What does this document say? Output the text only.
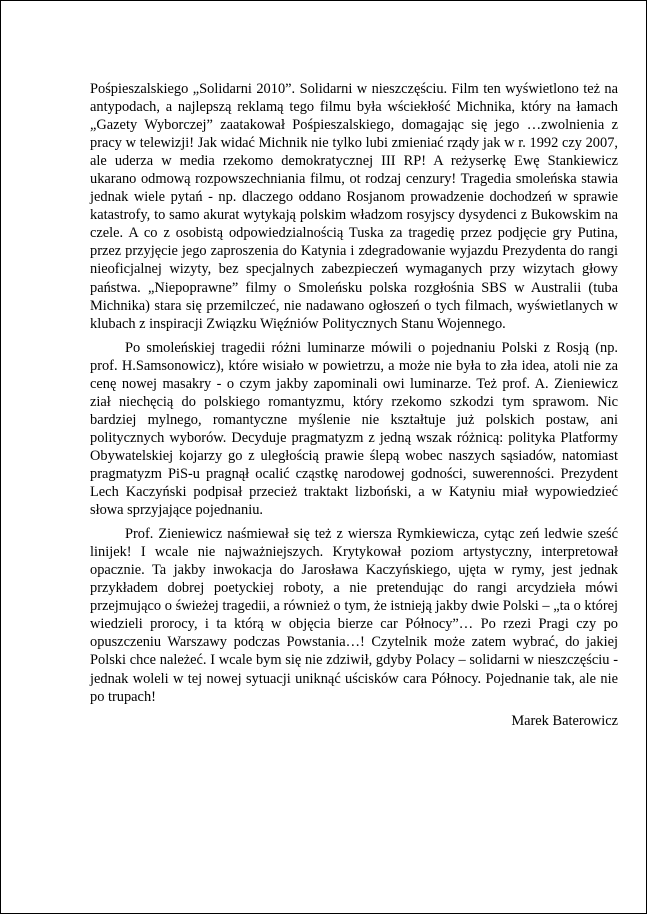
Pośpieszalskiego „Solidarni 2010”. Solidarni w nieszczęściu. Film ten wyświetlono też na antypodach, a najlepszą reklamą tego filmu była wściekłość Michnika, który na łamach „Gazety Wyborczej” zaatakował Pośpieszalskiego, domagając się jego …zwolnienia z pracy w telewizji! Jak widać Michnik nie tylko lubi zmieniać rządy jak w r. 1992 czy 2007, ale uderza w media rzekomo demokratycznej III RP! A reżyserkę Ewę Stankiewicz ukarano odmową rozpowszechniania filmu, ot rodzaj cenzury! Tragedia smoleńska stawia jednak wiele pytań - np. dlaczego oddano Rosjanom prowadzenie dochodzeń w sprawie katastrofy, to samo akurat wytykają polskim władzom rosyjscy dysydenci z Bukowskim na czele. A co z osobistą odpowiedzialnością Tuska za tragedię przez podjęcie gry Putina, przez przyjęcie jego zaproszenia do Katynia i zdegradowanie wyjazdu Prezydenta do rangi nieoficjalnej wizyty, bez specjalnych zabezpieczeń wymaganych przy wizytach głowy państwa. „Niepoprawne” filmy o Smoleńsku polska rozgłośnia SBS w Australii (tuba Michnika) stara się przemilczeć, nie nadawano ogłoszeń o tych filmach, wyświetlanych w klubach z inspiracji Związku Więźniów Politycznych Stanu Wojennego.

Po smoleńskiej tragedii różni luminarze mówili o pojednaniu Polski z Rosją (np. prof. H.Samsonowicz), które wisiało w powietrzu, a może nie była to zła idea, atoli nie za cenę nowej masakry - o czym jakby zapominali owi luminarze. Też prof. A. Zieniewicz ział niechęcią do polskiego romantyzmu, który rzekomo szkodzi tym sprawom. Nic bardziej mylnego, romantyczne myślenie nie kształtuje już polskich postaw, ani politycznych wyborów. Decyduje pragmatyzm z jedną wszak różnicą: polityka Platformy Obywatelskiej kojarzy go z uległością prawie ślepą wobec naszych sąsiadów, natomiast pragmatyzm PiS-u pragnął ocalić cząstkę narodowej godności, suwerenności. Prezydent Lech Kaczyński podpisał przecież traktakt lizboński, a w Katyniu miał wypowiedzieć słowa sprzyjające pojednaniu.

Prof. Zieniewicz naśmiewał się też z wiersza Rymkiewicza, cytąc zeń ledwie sześć linijek! I wcale nie najważniejszych. Krytykował poziom artystyczny, interpretował opacznie. Ta jakby inwokacja do Jarosława Kaczyńskiego, ujęta w rymy, jest jednak przykładem dobrej poetyckiej roboty, a nie pretendując do rangi arcydzieła mówi przejmująco o świeżej tragedii, a również o tym, że istnieją jakby dwie Polski – „ta o której wiedzieli prorocy, i ta którą w objęcia bierze car Północy”… Po rzezi Pragi czy po opuszczeniu Warszawy podczas Powstania…! Czytelnik może zatem wybrać, do jakiej Polski chce należeć. I wcale bym się nie zdziwił, gdyby Polacy – solidarni w nieszczęściu - jednak woleli w tej nowej sytuacji uniknąć uścisków cara Północy. Pojednanie tak, ale nie po trupach!

Marek Baterowicz
